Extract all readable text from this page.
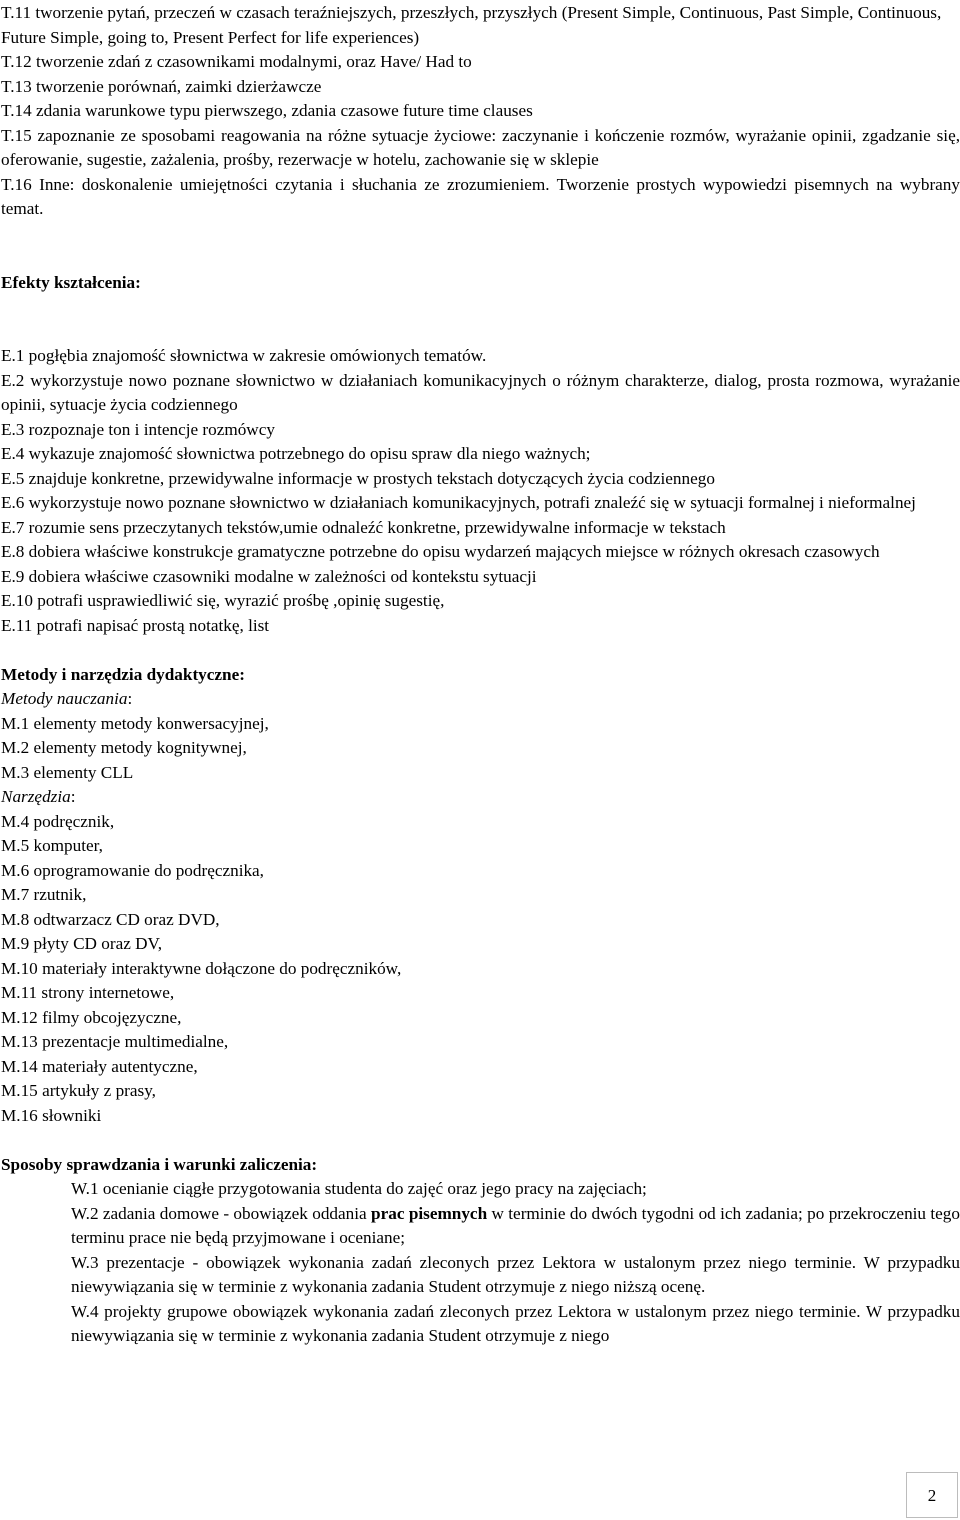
T.11 tworzenie pytań, przeczeń w czasach teraźniejszych, przeszłych, przyszłych (Present Simple, Continuous, Past Simple, Continuous, Future Simple, going to, Present Perfect for life experiences)
T.12 tworzenie zdań z czasownikami modalnymi, oraz Have/ Had to
T.13 tworzenie porównań, zaimki dzierżawcze
T.14 zdania warunkowe typu pierwszego, zdania czasowe future time clauses
T.15 zapoznanie ze sposobami reagowania na różne sytuacje życiowe: zaczynanie i kończenie rozmów, wyrażanie opinii, zgadzanie się, oferowanie, sugestie, zażalenia, prośby, rezerwacje w hotelu, zachowanie się w sklepie
T.16 Inne: doskonalenie umiejętności czytania i słuchania ze zrozumieniem. Tworzenie prostych wypowiedzi pisemnych na wybrany temat.
Efekty kształcenia:
E.1 pogłębia znajomość słownictwa w zakresie omówionych tematów.
E.2 wykorzystuje nowo poznane słownictwo w działaniach komunikacyjnych o różnym charakterze, dialog, prosta rozmowa, wyrażanie opinii, sytuacje życia codziennego
E.3 rozpoznaje ton i intencje rozmówcy
E.4 wykazuje znajomość słownictwa potrzebnego do opisu spraw dla niego ważnych;
E.5 znajduje konkretne, przewidywalne informacje w prostych tekstach dotyczących życia codziennego
E.6 wykorzystuje nowo poznane słownictwo w działaniach komunikacyjnych, potrafi znaleźć się w sytuacji formalnej i nieformalnej
E.7 rozumie sens przeczytanych tekstów,umie odnaleźć konkretne, przewidywalne informacje w tekstach
E.8 dobiera właściwe konstrukcje gramatyczne potrzebne do opisu wydarzeń mających miejsce w różnych okresach czasowych
E.9 dobiera właściwe czasowniki modalne w zależności od kontekstu sytuacji
E.10 potrafi usprawiedliwić się, wyrazić prośbę ,opinię sugestię,
E.11 potrafi napisać prostą notatkę, list
Metody i narzędzia dydaktyczne:
Metody nauczania:
M.1 elementy metody konwersacyjnej,
M.2 elementy metody kognitywnej,
M.3 elementy CLL
Narzędzia:
M.4 podręcznik,
M.5 komputer,
M.6 oprogramowanie do podręcznika,
M.7 rzutnik,
M.8 odtwarzacz CD oraz DVD,
M.9 płyty CD oraz DV,
M.10 materiały interaktywne dołączone do podręczników,
M.11 strony internetowe,
M.12 filmy obcojęzyczne,
M.13 prezentacje multimedialne,
M.14 materiały autentyczne,
M.15 artykuły z prasy,
M.16 słowniki
Sposoby sprawdzania i warunki zaliczenia:
W.1 ocenianie ciągłe przygotowania studenta do zajęć oraz jego pracy na zajęciach;
W.2 zadania domowe - obowiązek oddania prac pisemnych w terminie do dwóch tygodni od ich zadania; po przekroczeniu tego terminu prace nie będą przyjmowane i oceniane;
W.3 prezentacje - obowiązek wykonania zadań zleconych przez Lektora w ustalonym przez niego terminie. W przypadku niewywiązania się w terminie z wykonania zadania Student otrzymuje z niego niższą ocenę.
W.4 projekty grupowe obowiązek wykonania zadań zleconych przez Lektora w ustalonym przez niego terminie. W przypadku niewywiązania się w terminie z wykonania zadania Student otrzymuje z niego
2
